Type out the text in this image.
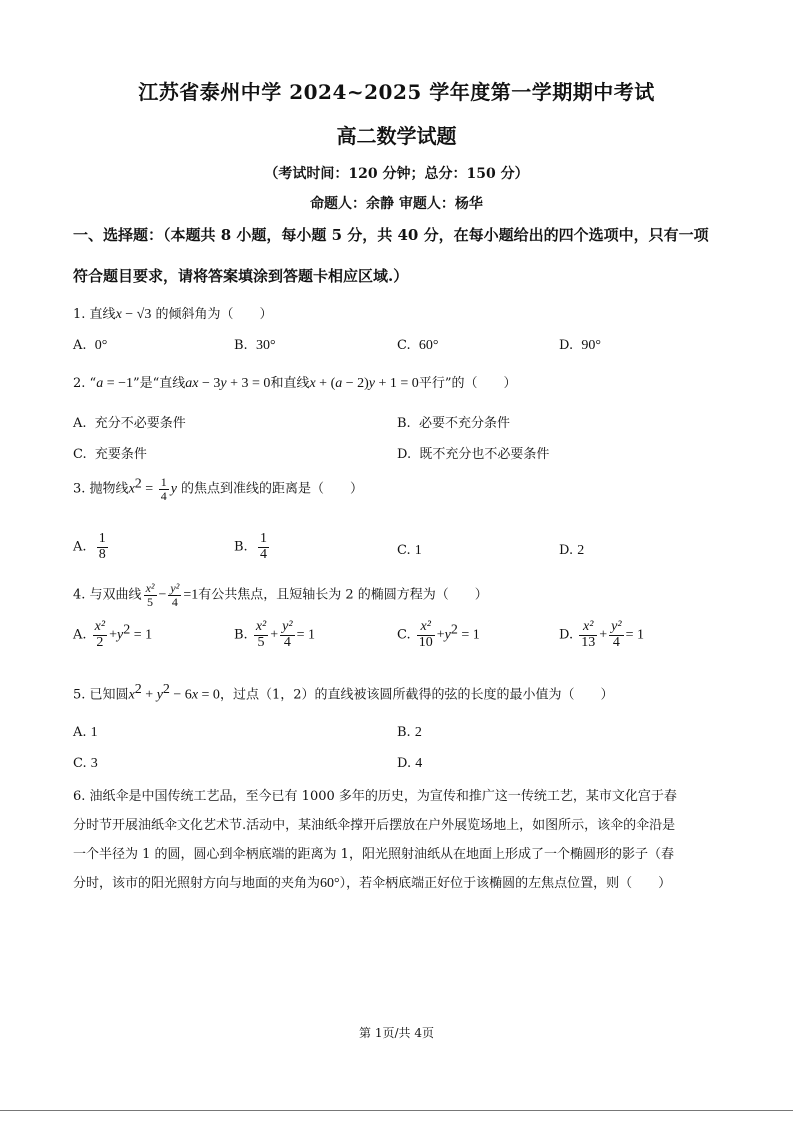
江苏省泰州中学 2024~2025 学年度第一学期期中考试
高二数学试题
（考试时间：120 分钟；总分：150 分）
命题人：余静 审题人：杨华
一、选择题：（本题共 8 小题，每小题 5 分，共 40 分，在每小题给出的四个选项中，只有一项
符合题目要求，请将答案填涂到答题卡相应区域.）
1. 直线x − √3 的倾斜角为（　　）
A. 0°	B. 30°	C. 60°	D. 90°
2. “a = −1”是“直线ax − 3y + 3 = 0和直线x + (a − 2)y + 1 = 0平行”的（　　）
A. 充分不必要条件	B. 必要不充分条件
C. 充要条件	D. 既不充分也不必要条件
3. 抛物线$x^2 = \frac{1}{4}$ y 的焦点到准线的距离是（　　）
A. $\frac{1}{8}$	B. $\frac{1}{4}$	C. 1	D. 2
4. 与双曲线 $\frac{\text{x²}}{5} - \frac{\text{y²}}{4} =1$有公共焦点，且短轴长为 2 的椭圆方程为（　　）
A. $\frac{\text{x²}}{2} +y^2 = 1$	B. $\frac{\text{x²}}{5} + \frac{\text{y²}}{4} = 1$	C. $\frac{\text{x²}}{10} +y^2 = 1$	D. $\frac{\text{x²}}{13} + \frac{\text{y²}}{4} = 1$
5. 已知圆$x^2 + y^2 - 6x = 0$，过点（1，2）的直线被该圆所截得的弦的长度的最小值为（　　）
A. 1	B. 2
C. 3	D. 4
6. 油纸伞是中国传统工艺品，至今已有 1000 多年的历史，为宣传和推广这一传统工艺，某市文化宫于春
分时节开展油纸伞文化艺术节.活动中，某油纸伞撑开后摆放在户外展览场地上，如图所示，该伞的伞沿是
一个半径为 1 的圆，圆心到伞柄底端的距离为 1，阳光照射油纸从在地面上形成了一个椭圆形的影子（春
分时，该市的阳光照射方向与地面的夹角为60°），若伞柄底端正好位于该椭圆的左焦点位置，则（　　）
第 1页/共 4页
